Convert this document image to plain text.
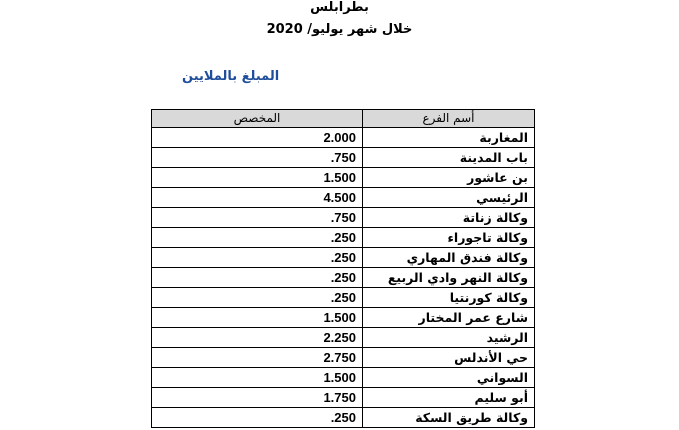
بطرابلس
خلال شهر يوليو/ 2020
المبلغ بالملايين
المخصص	أسم الفرع
2.000	المغاربة
.750	باب المدينة
1.500	بن عاشور
4.500	الرئيسي
.750	وكالة زناتة
.250	وكالة تاجوراء
.250	وكالة فندق المهاري
.250	وكالة النهر وادي الربيع
.250	وكالة كورنتيا
1.500	شارع عمر المختار
2.250	الرشيد
2.750	حي الأندلس
1.500	السواني
1.750	أبو سليم
.250	وكالة طريق السكة
